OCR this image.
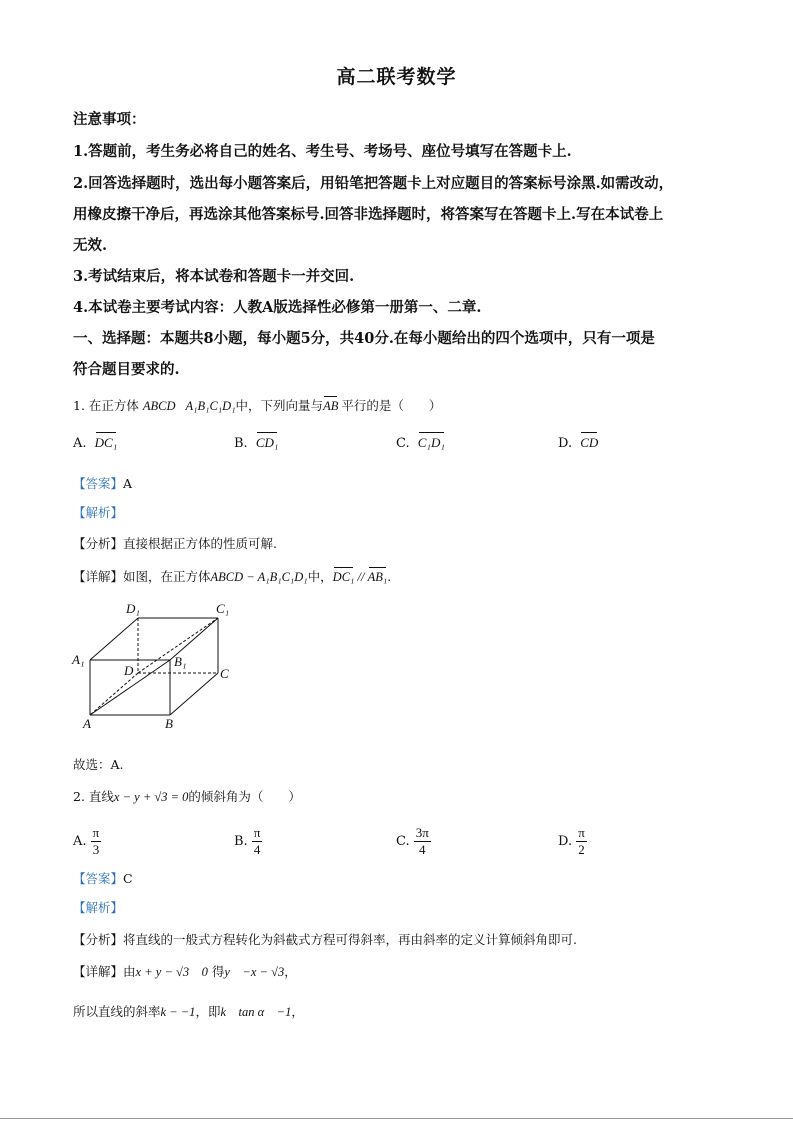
高二联考数学
注意事项：
1.答题前，考生务必将自己的姓名、考生号、考场号、座位号填写在答题卡上.
2.回答选择题时，选出每小题答案后，用铅笔把答题卡上对应题目的答案标号涂黑.如需改动，
用橡皮擦干净后，再选涂其他答案标号.回答非选择题时，将答案写在答题卡上.写在本试卷上
无效.
3.考试结束后，将本试卷和答题卡一并交回.
4.本试卷主要考试内容：人教A版选择性必修第一册第一、二章.
一、选择题：本题共8小题，每小题5分，共40分.在每小题给出的四个选项中，只有一项是
符合题目要求的.
1. 在正方体 ABCD A₁B₁C₁D₁中，下列向量与AB 平行的是（　　）
A. DC₁	B. CD₁	C. C₁D₁	D. CD
【答案】A
【解析】
【分析】直接根据正方体的性质可解.
【详解】如图，在正方体ABCD − A₁B₁C₁D₁中，DC₁ // AB₁.
D₁	C₁
A₁	B₁
D	C
A	B
故选：A.
2. 直线x − y + √3 = 0的倾斜角为（　　）
A. $\frac{\pi}{3}$	B. $\frac{\pi}{4}$	C. $\frac{3\pi}{4}$	D. $\frac{\pi}{2}$
【答案】C
【解析】
【分析】将直线的一般式方程转化为斜截式方程可得斜率，再由斜率的定义计算倾斜角即可.
【详解】由x + y − √3　0 得y　−x − √3，
所以直线的斜率k − −1，即k　tan α　−1，
